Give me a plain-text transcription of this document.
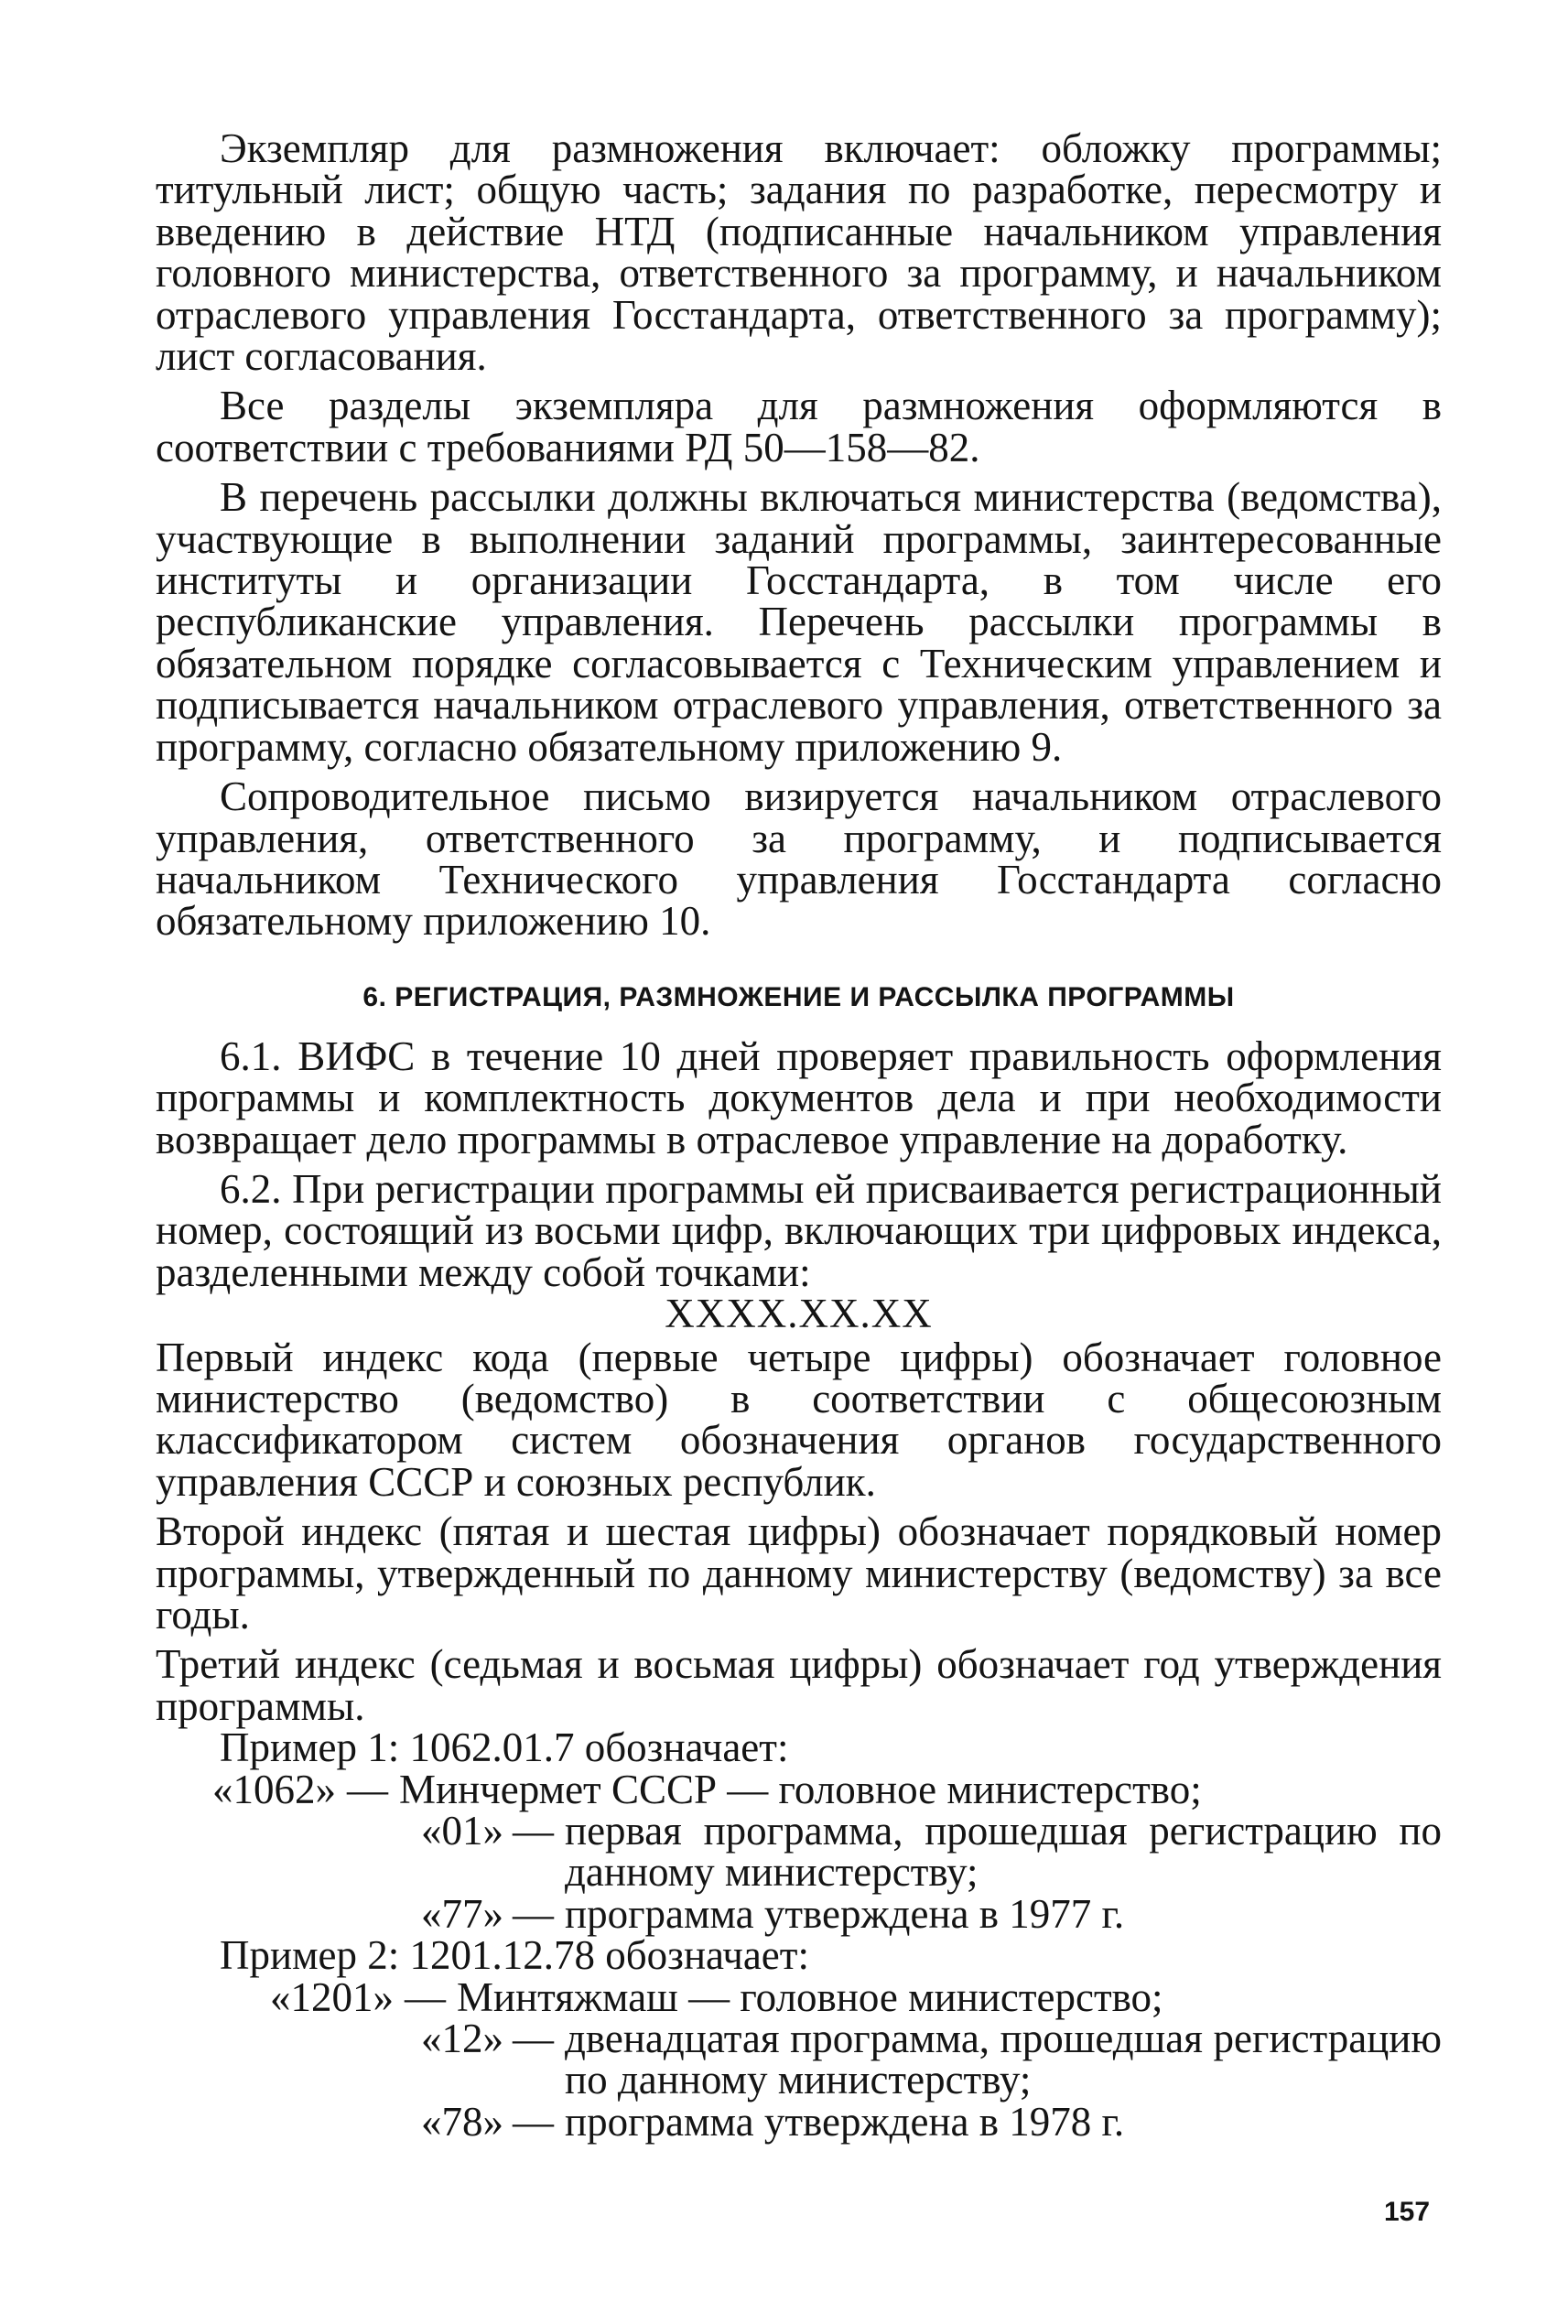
Экземпляр для размножения включает: обложку программы; титульный лист; общую часть; задания по разработке, пересмотру и введению в действие НТД (подписанные начальником управления головного министерства, ответственного за программу, и начальником отраслевого управления Госстандарта, ответственного за программу); лист согласования.

Все разделы экземпляра для размножения оформляются в соответствии с требованиями РД 50—158—82.

В перечень рассылки должны включаться министерства (ведомства), участвующие в выполнении заданий программы, заинтересованные институты и организации Госстандарта, в том числе его республиканские управления. Перечень рассылки программы в обязательном порядке согласовывается с Техническим управлением и подписывается начальником отраслевого управления, ответственного за программу, согласно обязательному приложению 9.

Сопроводительное письмо визируется начальником отраслевого управления, ответственного за программу, и подписывается начальником Технического управления Госстандарта согласно обязательному приложению 10.

6. РЕГИСТРАЦИЯ, РАЗМНОЖЕНИЕ И РАССЫЛКА ПРОГРАММЫ

6.1. ВИФС в течение 10 дней проверяет правильность оформления программы и комплектность документов дела и при необходимости возвращает дело программы в отраслевое управление на доработку.

6.2. При регистрации программы ей присваивается регистрационный номер, состоящий из восьми цифр, включающих три цифровых индекса, разделенными между собой точками:

XXXX.XX.XX

Первый индекс кода (первые четыре цифры) обозначает головное министерство (ведомство) в соответствии с общесоюзным классификатором систем обозначения органов государственного управления СССР и союзных республик.

Второй индекс (пятая и шестая цифры) обозначает порядковый номер программы, утвержденный по данному министерству (ведомству) за все годы.

Третий индекс (седьмая и восьмая цифры) обозначает год утверждения программы.

Пример 1: 1062.01.7 обозначает:

«1062» — Минчермет СССР — головное министерство;
«01» — первая программа, прошедшая регистрацию по данному министерству;
«77» — программа утверждена в 1977 г.

Пример 2: 1201.12.78 обозначает:

«1201» — Минтяжмаш — головное министерство;
«12» — двенадцатая программа, прошедшая регистрацию по данному министерству;
«78» — программа утверждена в 1978 г.
157
